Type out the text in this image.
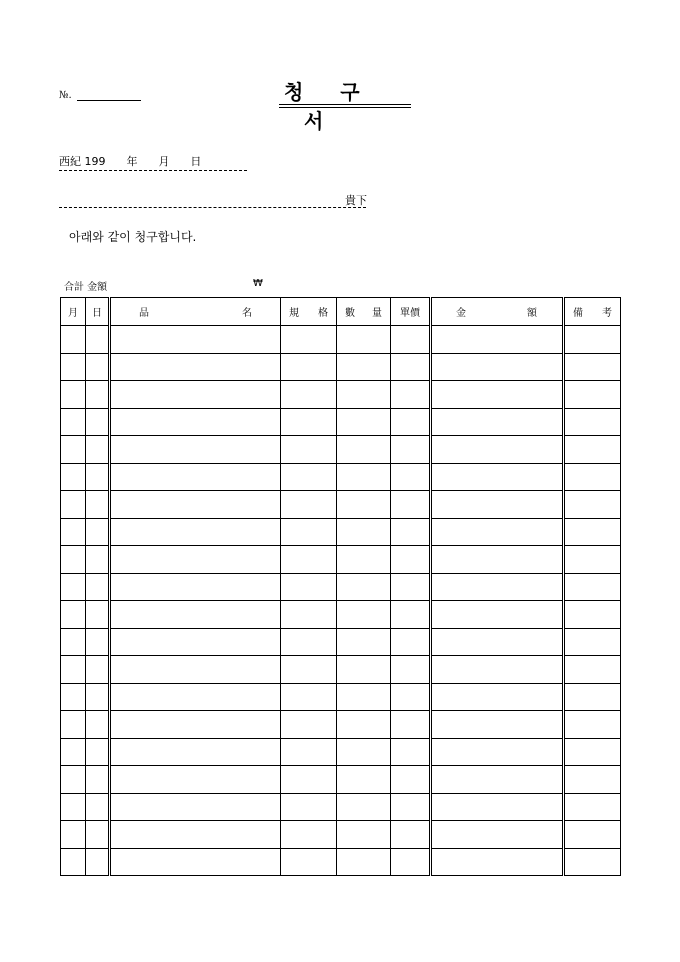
№.	청 구 서
西紀 199      年      月      日
貴下
아래와 같이 청구합니다.
合計 金額	₩
月	日	品 名	規 格	數 量	單價	金 額	備 考
